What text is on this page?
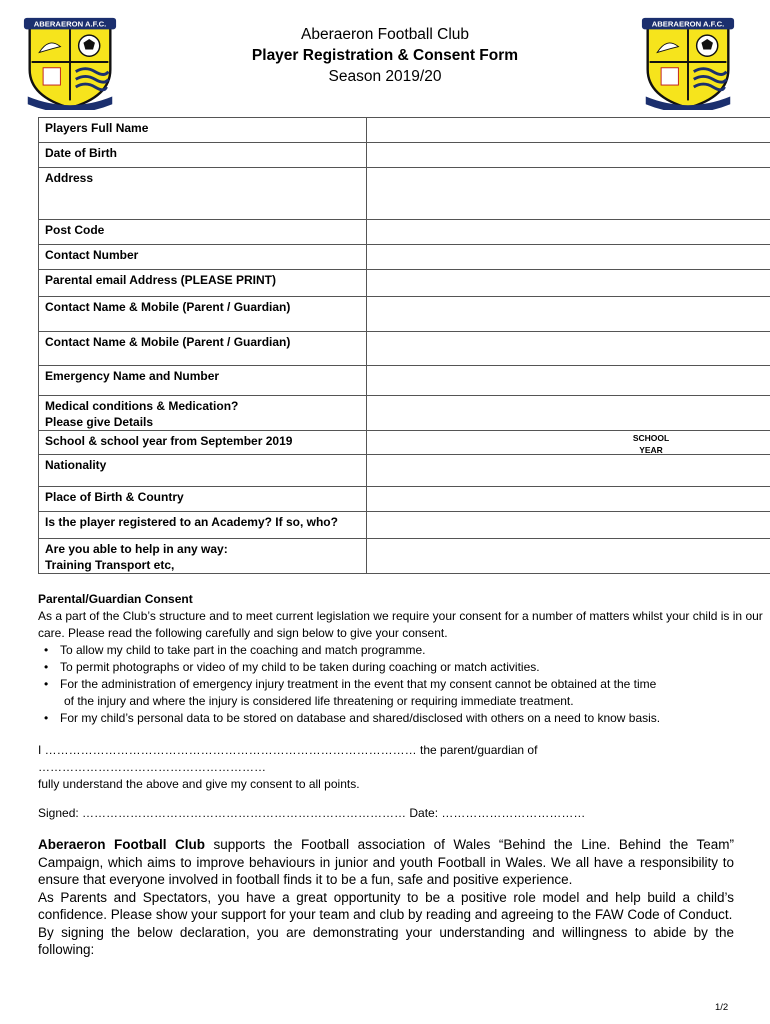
ABERAERON A.F.C.	ABERAERON A.F.C.
Aberaeron Football Club
Player Registration & Consent Form
Season 2019/20
Players Full Name	
Date of Birth	
Address	
Post Code	
Contact Number	
Parental email Address (PLEASE PRINT)	
Contact Name & Mobile (Parent / Guardian)	
Contact Name & Mobile (Parent / Guardian)	
Emergency Name and Number	

Medical conditions & Medication?
Please give Details	

School & school year from September 2019	SCHOOL
YEAR

Nationality	
Place of Birth & Country	
Is the player registered to an Academy? If so, who?	

Are you able to help in any way:
Training Transport etc,	

Parental/Guardian Consent
As a part of the Club’s structure and to meet current legislation we require your consent for a number of matters whilst your child is in our care. Please read the following carefully and sign below to give your consent.
• To allow my child to take part in the coaching and match programme.
• To permit photographs or video of my child to be taken during coaching or match activities.
• For the administration of emergency injury treatment in the event that my consent cannot be obtained at the time
of the injury and where the injury is considered life threatening or requiring immediate treatment.
• For my child’s personal data to be stored on database and shared/disclosed with others on a need to know basis.
I ………………………………………………………………………………… the parent/guardian of …………………………………………………
fully understand the above and give my consent to all points.
Signed: ……………………………………………………………………… Date: ………………………………

Aberaeron Football Club supports the Football association of Wales “Behind the Line. Behind the Team” Campaign, which aims to improve behaviours in junior and youth Football in Wales. We all have a responsibility to ensure that everyone involved in football finds it to be a fun, safe and positive experience.

As Parents and Spectators, you have a great opportunity to be a positive role model and help build a child’s confidence. Please show your support for your team and club by reading and agreeing to the FAW Code of Conduct.

By signing the below declaration, you are demonstrating your understanding and willingness to abide by the following:

1/2
